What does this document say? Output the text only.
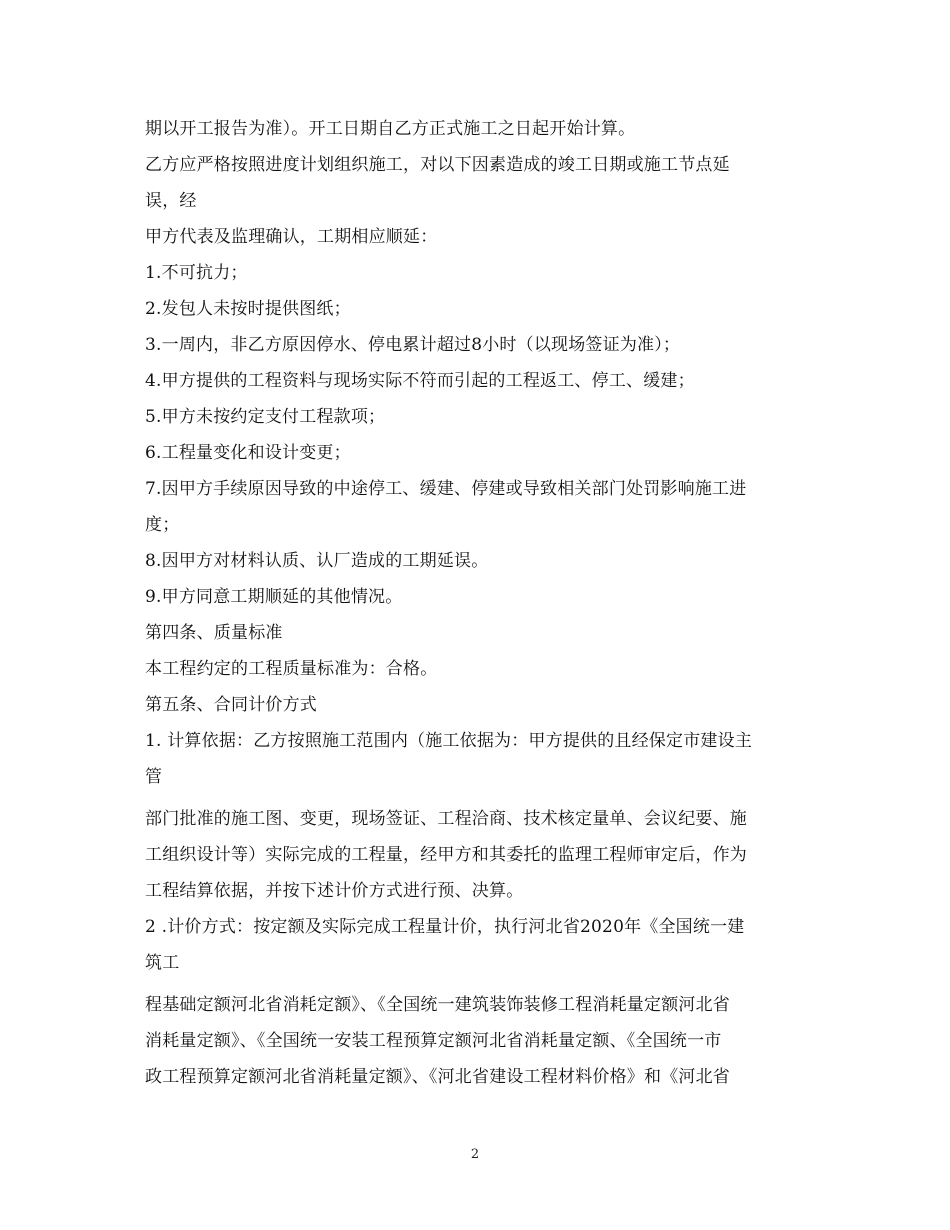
期以开工报告为准）。开工日期自乙方正式施工之日起开始计算。
乙方应严格按照进度计划组织施工，对以下因素造成的竣工日期或施工节点延
误，经
甲方代表及监理确认，工期相应顺延：
1.不可抗力；
2.发包人未按时提供图纸；
3.一周内，非乙方原因停水、停电累计超过8小时（以现场签证为准）；
4.甲方提供的工程资料与现场实际不符而引起的工程返工、停工、缓建；
5.甲方未按约定支付工程款项；
6.工程量变化和设计变更；
7.因甲方手续原因导致的中途停工、缓建、停建或导致相关部门处罚影响施工进
度；
8.因甲方对材料认质、认厂造成的工期延误。
9.甲方同意工期顺延的其他情况。
第四条、质量标准
本工程约定的工程质量标准为：合格。
第五条、合同计价方式
1. 计算依据：乙方按照施工范围内（施工依据为：甲方提供的且经保定市建设主
管
部门批准的施工图、变更，现场签证、工程洽商、技术核定量单、会议纪要、施
工组织设计等）实际完成的工程量，经甲方和其委托的监理工程师审定后，作为
工程结算依据，并按下述计价方式进行预、决算。
2 .计价方式：按定额及实际完成工程量计价，执行河北省2020年《全国统一建
筑工
程基础定额河北省消耗定额》、《全国统一建筑装饰装修工程消耗量定额河北省
消耗量定额》、《全国统一安装工程预算定额河北省消耗量定额、《全国统一市
政工程预算定额河北省消耗量定额》、《河北省建设工程材料价格》和《河北省
2
